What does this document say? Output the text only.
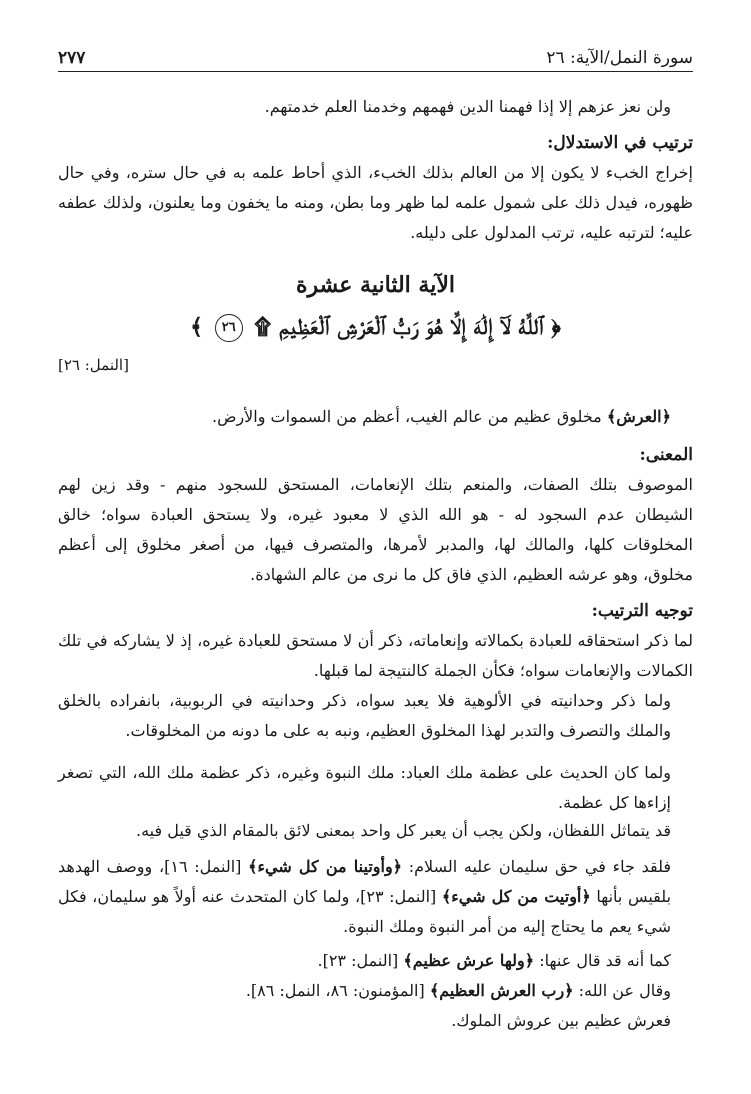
٢٧٧	سورة النمل/الآية: ٢٦
ولن نعز عزهم إلا إذا فهمنا الدين فهمهم وخدمنا العلم خدمتهم.
ترتيب في الاستدلال:
إخراج الخبء لا يكون إلا من العالم بذلك الخبء، الذي أحاط علمه به في حال ستره، وفي حال ظهوره، فيدل ذلك على شمول علمه لما ظهر وما بطن، ومنه ما يخفون وما يعلنون، ولذلك عطفه عليه؛ لترتبه عليه، ترتب المدلول على دليله.
الآية الثانية عشرة
﴿ ٱللَّهُ لَآ إِلَٰهَ إِلَّا هُوَ رَبُّ ٱلْعَرْشِ ٱلْعَظِيمِ ۩ ٢٦ ﴾
[النمل: ٢٦]
﴿العرش﴾ مخلوق عظيم من عالم الغيب، أعظم من السموات والأرض.
المعنى:
الموصوف بتلك الصفات، والمنعم بتلك الإنعامات، المستحق للسجود منهم - وقد زين لهم الشيطان عدم السجود له - هو الله الذي لا معبود غيره، ولا يستحق العبادة سواه؛ خالق المخلوقات كلها، والمالك لها، والمدبر لأمرها، والمتصرف فيها، من أصغر مخلوق إلى أعظم مخلوق، وهو عرشه العظيم، الذي فاق كل ما نرى من عالم الشهادة.
توجيه الترتيب:
لما ذكر استحقاقه للعبادة بكمالاته وإنعاماته، ذكر أن لا مستحق للعبادة غيره، إذ لا يشاركه في تلك الكمالات والإنعامات سواه؛ فكأن الجملة كالنتيجة لما قبلها.
ولما ذكر وحدانيته في الألوهية فلا يعبد سواه، ذكر وحدانيته في الربوبية، بانفراده بالخلق والملك والتصرف والتدبر لهذا المخلوق العظيم، ونبه به على ما دونه من المخلوقات.
ولما كان الحديث على عظمة ملك العباد: ملك النبوة وغيره، ذكر عظمة ملك الله، التي تصغر إزاءها كل عظمة.
قد يتماثل اللفظان، ولكن يجب أن يعبر كل واحد بمعنى لائق بالمقام الذي قيل فيه.
فلقد جاء في حق سليمان عليه السلام: ﴿وأوتينا من كل شيء﴾ [النمل: ١٦]، ووصف الهدهد بلقيس بأنها ﴿أوتيت من كل شيء﴾ [النمل: ٢٣]، ولما كان المتحدث عنه أولاً هو سليمان، فكل شيء يعم ما يحتاج إليه من أمر النبوة وملك النبوة.
كما أنه قد قال عنها: ﴿ولها عرش عظيم﴾ [النمل: ٢٣].
وقال عن الله: ﴿رب العرش العظيم﴾ [المؤمنون: ٨٦، النمل: ٨٦].
فعرش عظيم بين عروش الملوك.
